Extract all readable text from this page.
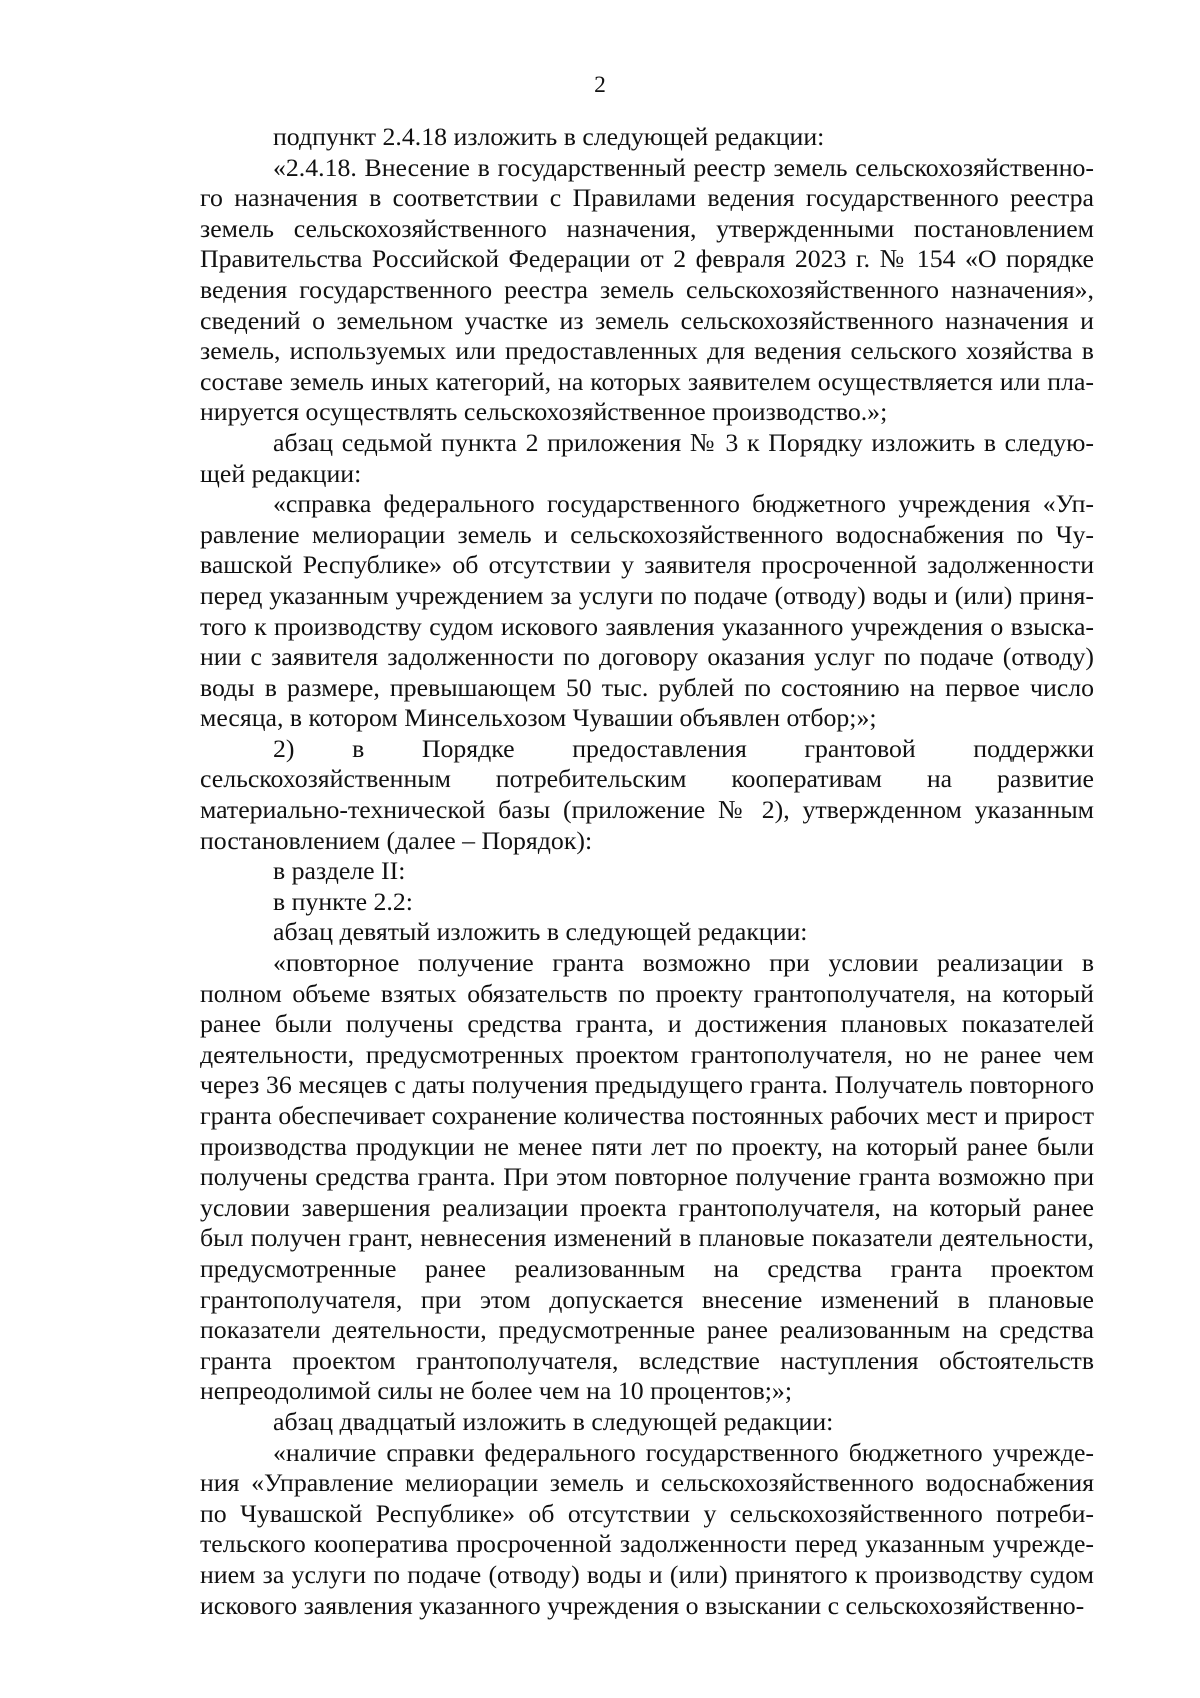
2

подпункт 2.4.18 изложить в следующей редакции:

«2.4.18. Внесение в государственный реестр земель сельскохозяйственного назначения в соответствии с Правилами ведения государственного реестра земель сельскохозяйственного назначения, утвержденными постановлением Правительства Российской Федерации от 2 февраля 2023 г. № 154 «О порядке ведения государственного реестра земель сельскохозяйственного назначения», сведений о земельном участке из земель сельскохозяйственного назначения и земель, используемых или предоставленных для ведения сельского хозяйства в составе земель иных категорий, на которых заявителем осуществляется или планируется осуществлять сельскохозяйственное производство.»;

абзац седьмой пункта 2 приложения № 3 к Порядку изложить в следующей редакции:

«справка федерального государственного бюджетного учреждения «Управление мелиорации земель и сельскохозяйственного водоснабжения по Чувашской Республике» об отсутствии у заявителя просроченной задолженности перед указанным учреждением за услуги по подаче (отводу) воды и (или) принятого к производству судом искового заявления указанного учреждения о взыскании с заявителя задолженности по договору оказания услуг по подаче (отводу) воды в размере, превышающем 50 тыс. рублей по состоянию на первое число месяца, в котором Минсельхозом Чувашии объявлен отбор;»;

2) в Порядке предоставления грантовой поддержки сельскохозяйственным потребительским кооперативам на развитие материально-технической базы (приложение № 2), утвержденном указанным постановлением (далее – Порядок):

в разделе II:

в пункте 2.2:

абзац девятый изложить в следующей редакции:

«повторное получение гранта возможно при условии реализации в полном объеме взятых обязательств по проекту грантополучателя, на который ранее были получены средства гранта, и достижения плановых показателей деятельности, предусмотренных проектом грантополучателя, но не ранее чем через 36 месяцев с даты получения предыдущего гранта. Получатель повторного гранта обеспечивает сохранение количества постоянных рабочих мест и прирост производства продукции не менее пяти лет по проекту, на который ранее были получены средства гранта. При этом повторное получение гранта возможно при условии завершения реализации проекта грантополучателя, на который ранее был получен грант, невнесения изменений в плановые показатели деятельности, предусмотренные ранее реализованным на средства гранта проектом грантополучателя, при этом допускается внесение изменений в плановые показатели деятельности, предусмотренные ранее реализованным на средства гранта проектом грантополучателя, вследствие наступления обстоятельств непреодолимой силы не более чем на 10 процентов;»;

абзац двадцатый изложить в следующей редакции:

«наличие справки федерального государственного бюджетного учреждения «Управление мелиорации земель и сельскохозяйственного водоснабжения по Чувашской Республике» об отсутствии у сельскохозяйственного потребительского кооператива просроченной задолженности перед указанным учреждением за услуги по подаче (отводу) воды и (или) принятого к производству судом искового заявления указанного учреждения о взыскании с сельскохозяйственно-
